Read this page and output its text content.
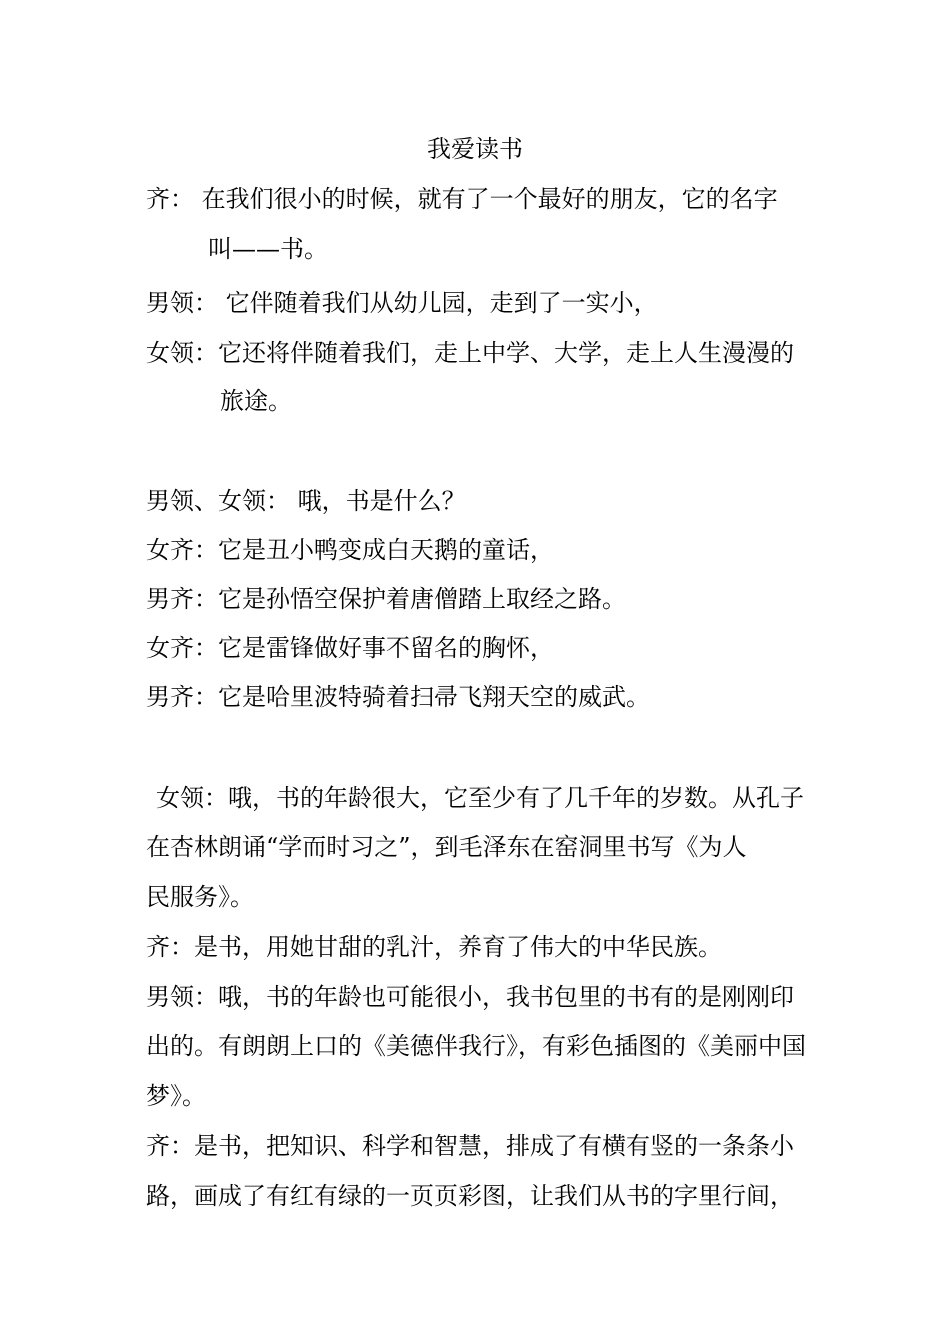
我爱读书
齐： 在我们很小的时候，就有了一个最好的朋友，它的名字
叫——书。
男领： 它伴随着我们从幼儿园，走到了一实小，
女领：它还将伴随着我们，走上中学、大学，走上人生漫漫的
旅途。
男领、女领： 哦，书是什么？
女齐：它是丑小鸭变成白天鹅的童话，
男齐：它是孙悟空保护着唐僧踏上取经之路。
女齐：它是雷锋做好事不留名的胸怀，
男齐：它是哈里波特骑着扫帚飞翔天空的威武。
女领：哦，书的年龄很大，它至少有了几千年的岁数。从孔子
在杏林朗诵“学而时习之”，到毛泽东在窑洞里书写《为人
民服务》。
齐：是书，用她甘甜的乳汁，养育了伟大的中华民族。
男领：哦，书的年龄也可能很小，我书包里的书有的是刚刚印
出的。有朗朗上口的《美德伴我行》，有彩色插图的《美丽中国
梦》。
齐：是书，把知识、科学和智慧，排成了有横有竖的一条条小
路，画成了有红有绿的一页页彩图，让我们从书的字里行间，
